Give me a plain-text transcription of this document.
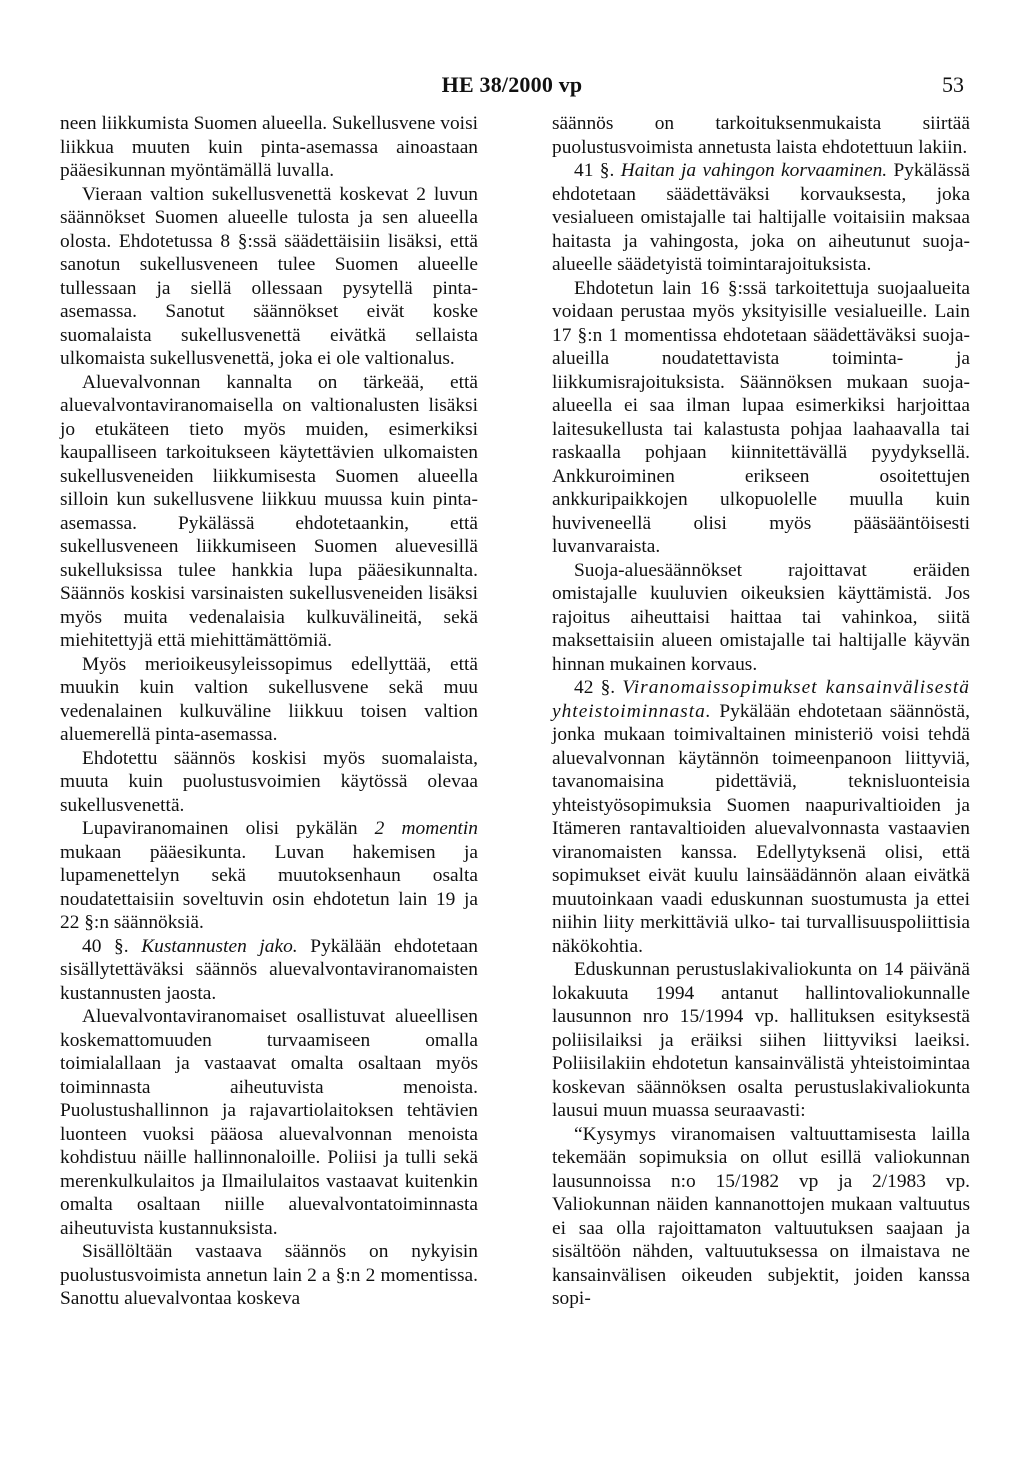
HE 38/2000 vp	53

neen liikkumista Suomen alueella. Sukellusvene voisi liikkua muuten kuin pinta-asemassa ainoastaan pääesikunnan myöntämällä luvalla.

Vieraan valtion sukellusvenettä koskevat 2 luvun säännökset Suomen alueelle tulosta ja sen alueella olosta. Ehdotetussa 8 §:ssä säädettäisiin lisäksi, että sanotun sukellusveneen tulee Suomen alueelle tullessaan ja siellä ollessaan pysytellä pinta-asemassa. Sanotut säännökset eivät koske suomalaista sukellusvenettä eivätkä sellaista ulkomaista sukellusvenettä, joka ei ole valtionalus.

Aluevalvonnan kannalta on tärkeää, että aluevalvontaviranomaisella on valtionalusten lisäksi jo etukäteen tieto myös muiden, esimerkiksi kaupalliseen tarkoitukseen käytettävien ulkomaisten sukellusveneiden liikkumisesta Suomen alueella silloin kun sukellusvene liikkuu muussa kuin pinta-asemassa. Pykälässä ehdotetaankin, että sukellusveneen liikkumiseen Suomen aluevesillä sukelluksissa tulee hankkia lupa pääesikunnalta. Säännös koskisi varsinaisten sukellusveneiden lisäksi myös muita vedenalaisia kulkuvälineitä, sekä miehitettyjä että miehittämättömiä.

Myös merioikeusyleissopimus edellyttää, että muukin kuin valtion sukellusvene sekä muu vedenalainen kulkuväline liikkuu toisen valtion aluemerellä pinta-asemassa.

Ehdotettu säännös koskisi myös suomalaista, muuta kuin puolustusvoimien käytössä olevaa sukellusvenettä.

Lupaviranomainen olisi pykälän 2 momentin mukaan pääesikunta. Luvan hakemisen ja lupamenettelyn sekä muutoksenhaun osalta noudatettaisiin soveltuvin osin ehdotetun lain 19 ja 22 §:n säännöksiä.

40 §. Kustannusten jako. Pykälään ehdotetaan sisällytettäväksi säännös aluevalvontaviranomaisten kustannusten jaosta.

Aluevalvontaviranomaiset osallistuvat alueellisen koskemattomuuden turvaamiseen omalla toimialallaan ja vastaavat omalta osaltaan myös toiminnasta aiheutuvista menoista. Puolustushallinnon ja rajavartiolaitoksen tehtävien luonteen vuoksi pääosa aluevalvonnan menoista kohdistuu näille hallinnonaloille. Poliisi ja tulli sekä merenkulkulaitos ja Ilmailulaitos vastaavat kuitenkin omalta osaltaan niille aluevalvontatoiminnasta aiheutuvista kustannuksista.

Sisällöltään vastaava säännös on nykyisin puolustusvoimista annetun lain 2 a §:n 2 momentissa. Sanottu aluevalvontaa koskeva

säännös on tarkoituksenmukaista siirtää puolustusvoimista annetusta laista ehdotettuun lakiin.

41 §. Haitan ja vahingon korvaaminen. Pykälässä ehdotetaan säädettäväksi korvauksesta, joka vesialueen omistajalle tai haltijalle voitaisiin maksaa haitasta ja vahingosta, joka on aiheutunut suoja-alueelle säädetyistä toimintarajoituksista.

Ehdotetun lain 16 §:ssä tarkoitettuja suojaalueita voidaan perustaa myös yksityisille vesialueille. Lain 17 §:n 1 momentissa ehdotetaan säädettäväksi suoja-alueilla noudatettavista toiminta- ja liikkumisrajoituksista. Säännöksen mukaan suoja-alueella ei saa ilman lupaa esimerkiksi harjoittaa laitesukellusta tai kalastusta pohjaa laahaavalla tai raskaalla pohjaan kiinnitettävällä pyydyksellä. Ankkuroiminen erikseen osoitettujen ankkuripaikkojen ulkopuolelle muulla kuin huviveneellä olisi myös pääsääntöisesti luvanvaraista.

Suoja-aluesäännökset rajoittavat eräiden omistajalle kuuluvien oikeuksien käyttämistä. Jos rajoitus aiheuttaisi haittaa tai vahinkoa, siitä maksettaisiin alueen omistajalle tai haltijalle käyvän hinnan mukainen korvaus.

42 §. Viranomaissopimukset kansainvälisestä yhteistoiminnasta. Pykälään ehdotetaan säännöstä, jonka mukaan toimivaltainen ministeriö voisi tehdä aluevalvonnan käytännön toimeenpanoon liittyviä, tavanomaisina pidettäviä, teknisluonteisia yhteistyösopimuksia Suomen naapurivaltioiden ja Itämeren rantavaltioiden aluevalvonnasta vastaavien viranomaisten kanssa. Edellytyksenä olisi, että sopimukset eivät kuulu lainsäädännön alaan eivätkä muutoinkaan vaadi eduskunnan suostumusta ja ettei niihin liity merkittäviä ulko- tai turvallisuuspoliittisia näkökohtia.

Eduskunnan perustuslakivaliokunta on 14 päivänä lokakuuta 1994 antanut hallintovaliokunnalle lausunnon nro 15/1994 vp. hallituksen esityksestä poliisilaiksi ja eräiksi siihen liittyviksi laeiksi. Poliisilakiin ehdotetun kansainvälistä yhteistoimintaa koskevan säännöksen osalta perustuslakivaliokunta lausui muun muassa seuraavasti:

“Kysymys viranomaisen valtuuttamisesta lailla tekemään sopimuksia on ollut esillä valiokunnan lausunnoissa n:o 15/1982 vp ja 2/1983 vp. Valiokunnan näiden kannanottojen mukaan valtuutus ei saa olla rajoittamaton valtuutuksen saajaan ja sisältöön nähden, valtuutuksessa on ilmaistava ne kansainvälisen oikeuden subjektit, joiden kanssa sopi-
